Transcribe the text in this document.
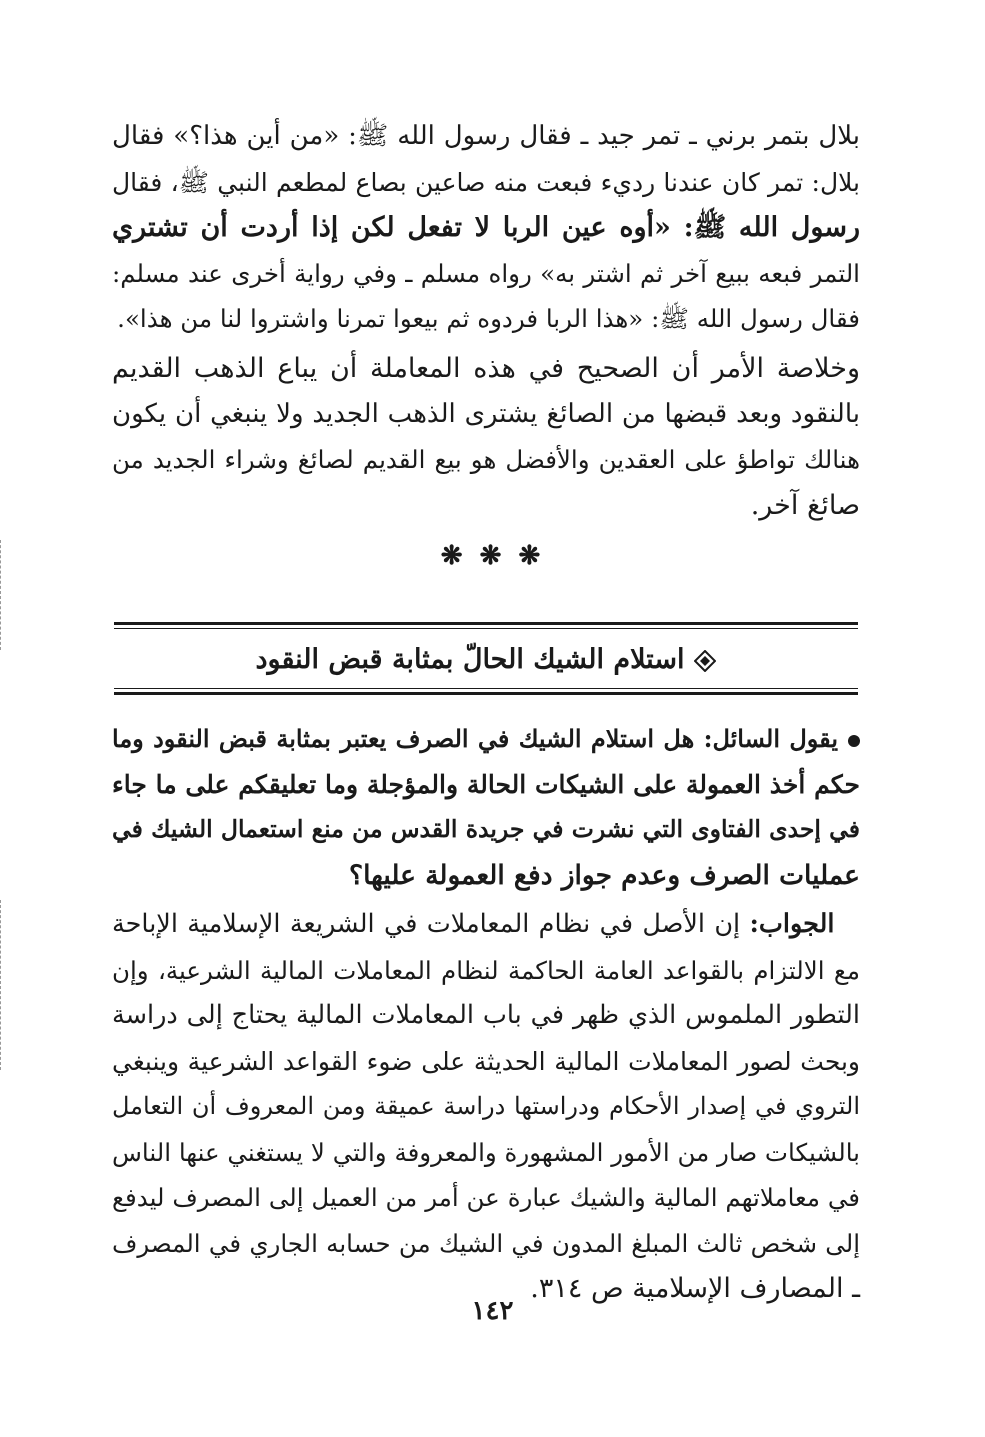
بلال بتمر برني ـ تمر جيد ـ فقال رسول الله ﷺ: «من أين هذا؟» فقال
بلال: تمر كان عندنا رديء فبعت منه صاعين بصاع لمطعم النبي ﷺ، فقال
رسول الله ﷺ: «أوه عين الربا لا تفعل لكن إذا أردت أن تشتري
التمر فبعه ببيع آخر ثم اشتر به» رواه مسلم ـ وفي رواية أخرى عند مسلم:
فقال رسول الله ﷺ: «هذا الربا فردوه ثم بيعوا تمرنا واشتروا لنا من هذا».
وخلاصة الأمر أن الصحيح في هذه المعاملة أن يباع الذهب القديم
بالنقود وبعد قبضها من الصائغ يشترى الذهب الجديد ولا ينبغي أن يكون
هنالك تواطؤ على العقدين والأفضل هو بيع القديم لصائغ وشراء الجديد من
صائغ آخر.
❋ ❋ ❋
استلام الشيك الحالّ بمثابة قبض النقود
يقول السائل: هل استلام الشيك في الصرف يعتبر بمثابة قبض النقود وما
حكم أخذ العمولة على الشيكات الحالة والمؤجلة وما تعليقكم على ما جاء
في إحدى الفتاوى التي نشرت في جريدة القدس من منع استعمال الشيك في
عمليات الصرف وعدم جواز دفع العمولة عليها؟
 الجواب: إن الأصل في نظام المعاملات في الشريعة الإسلامية الإباحة
مع الالتزام بالقواعد العامة الحاكمة لنظام المعاملات المالية الشرعية، وإن
التطور الملموس الذي ظهر في باب المعاملات المالية يحتاج إلى دراسة
وبحث لصور المعاملات المالية الحديثة على ضوء القواعد الشرعية وينبغي
التروي في إصدار الأحكام ودراستها دراسة عميقة ومن المعروف أن التعامل
بالشيكات صار من الأمور المشهورة والمعروفة والتي لا يستغني عنها الناس
في معاملاتهم المالية والشيك عبارة عن أمر من العميل إلى المصرف ليدفع
إلى شخص ثالث المبلغ المدون في الشيك من حسابه الجاري في المصرف
ـ المصارف الإسلامية ص ٣١٤.
١٤٢
